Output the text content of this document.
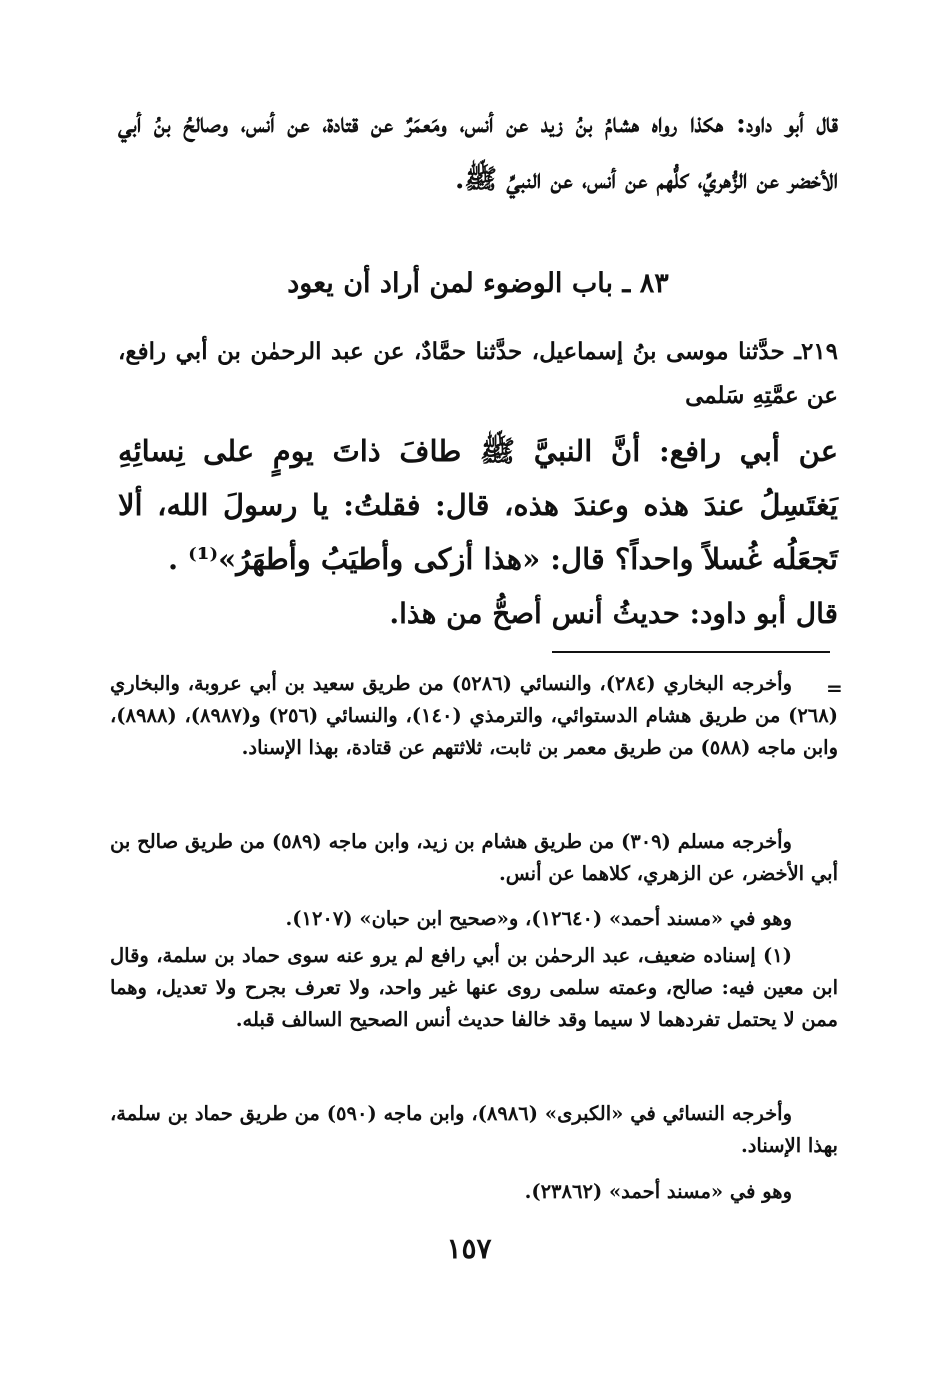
قال أبو داود: هكذا رواه هشامُ بنُ زيد عن أنس، ومَعمَرٌ عن قتادة، عن أنس، وصالحُ بنُ أبي الأخضر عن الزُّهريِّ، كلُّهم عن أنس، عن النبيِّ ﷺ.
٨٣ ـ باب الوضوء لمن أراد أن يعود
٢١٩ـ حدَّثنا موسى بنُ إسماعيل، حدَّثنا حمَّادٌ، عن عبد الرحمٰن بن أبي رافع، عن عمَّتِهِ سَلمى
عن أبي رافع: أنَّ النبيَّ ﷺ طافَ ذاتَ يومٍ على نِسائِهِ يَغتَسِلُ عندَ هذه وعندَ هذه، قال: فقلتُ: يا رسولَ الله، ألا تَجعَلُه غُسلاً واحداً؟ قال: «هذا أزكى وأطيَبُ وأطهَرُ»⁽¹⁾ .
قال أبو داود: حديثُ أنس أصحُّ من هذا.
=
وأخرجه البخاري (٢٨٤)، والنسائي (٥٢٨٦) من طريق سعيد بن أبي عروبة، والبخاري (٢٦٨) من طريق هشام الدستوائي، والترمذي (١٤٠)، والنسائي (٢٥٦) و(٨٩٨٧)، (٨٩٨٨)، وابن ماجه (٥٨٨) من طريق معمر بن ثابت، ثلاثتهم عن قتادة، بهذا الإسناد.
وأخرجه مسلم (٣٠٩) من طريق هشام بن زيد، وابن ماجه (٥٨٩) من طريق صالح بن أبي الأخضر، عن الزهري، كلاهما عن أنس.
وهو في «مسند أحمد» (١٢٦٤٠)، و«صحيح ابن حبان» (١٢٠٧).
(١) إسناده ضعيف، عبد الرحمٰن بن أبي رافع لم يرو عنه سوى حماد بن سلمة، وقال ابن معين فيه: صالح، وعمته سلمى روى عنها غير واحد، ولا تعرف بجرح ولا تعديل، وهما ممن لا يحتمل تفردهما لا سيما وقد خالفا حديث أنس الصحيح السالف قبله.
وأخرجه النسائي في «الكبرى» (٨٩٨٦)، وابن ماجه (٥٩٠) من طريق حماد بن سلمة، بهذا الإسناد.
وهو في «مسند أحمد» (٢٣٨٦٢).
١٥٧
